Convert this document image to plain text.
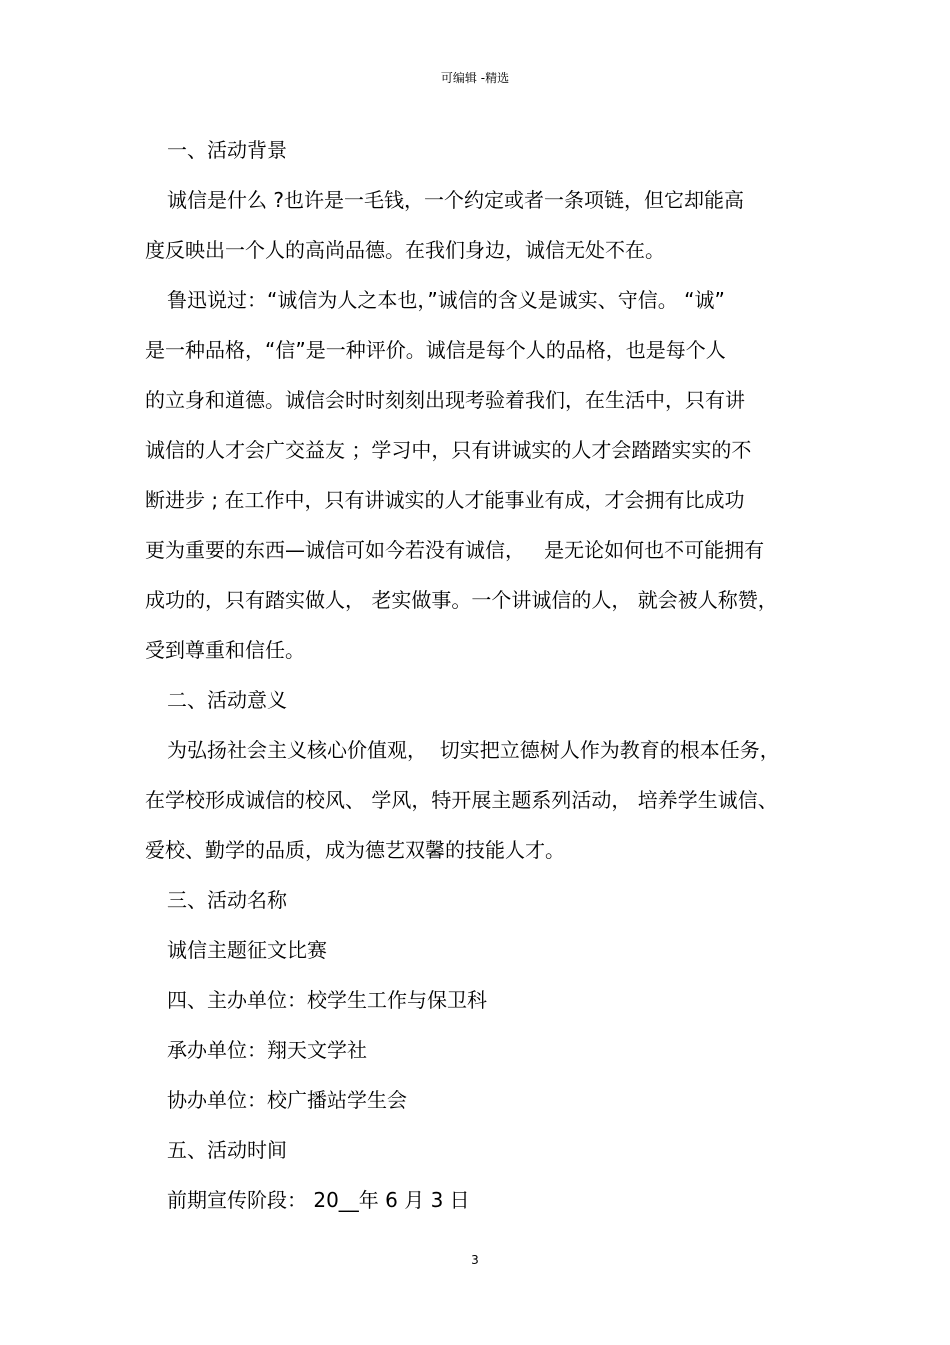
可编辑 -精选
一、活动背景
诚信是什么 ?也许是一毛钱，一个约定或者一条项链，但它却能高
度反映出一个人的高尚品德。在我们身边，诚信无处不在。
鲁迅说过：“诚信为人之本也，”诚信的含义是诚实、守信。 “诚”
是一种品格，“信”是一种评价。诚信是每个人的品格，也是每个人
的立身和道德。诚信会时时刻刻出现考验着我们，在生活中，只有讲
诚信的人才会广交益友 ；学习中，只有讲诚实的人才会踏踏实实的不
断进步 ; 在工作中，只有讲诚实的人才能事业有成，才会拥有比成功
更为重要的东西—诚信可如今若没有诚信，   是无论如何也不可能拥有
成功的，只有踏实做人， 老实做事。一个讲诚信的人， 就会被人称赞，
受到尊重和信任。
二、活动意义
为弘扬社会主义核心价值观，  切实把立德树人作为教育的根本任务，
在学校形成诚信的校风、 学风，特开展主题系列活动， 培养学生诚信、
爱校、勤学的品质，成为德艺双馨的技能人才。
三、活动名称
诚信主题征文比赛
四、主办单位：校学生工作与保卫科
承办单位：翔天文学社
协办单位：校广播站学生会
五、活动时间
前期宣传阶段： 20__年 6 月 3 日
3
